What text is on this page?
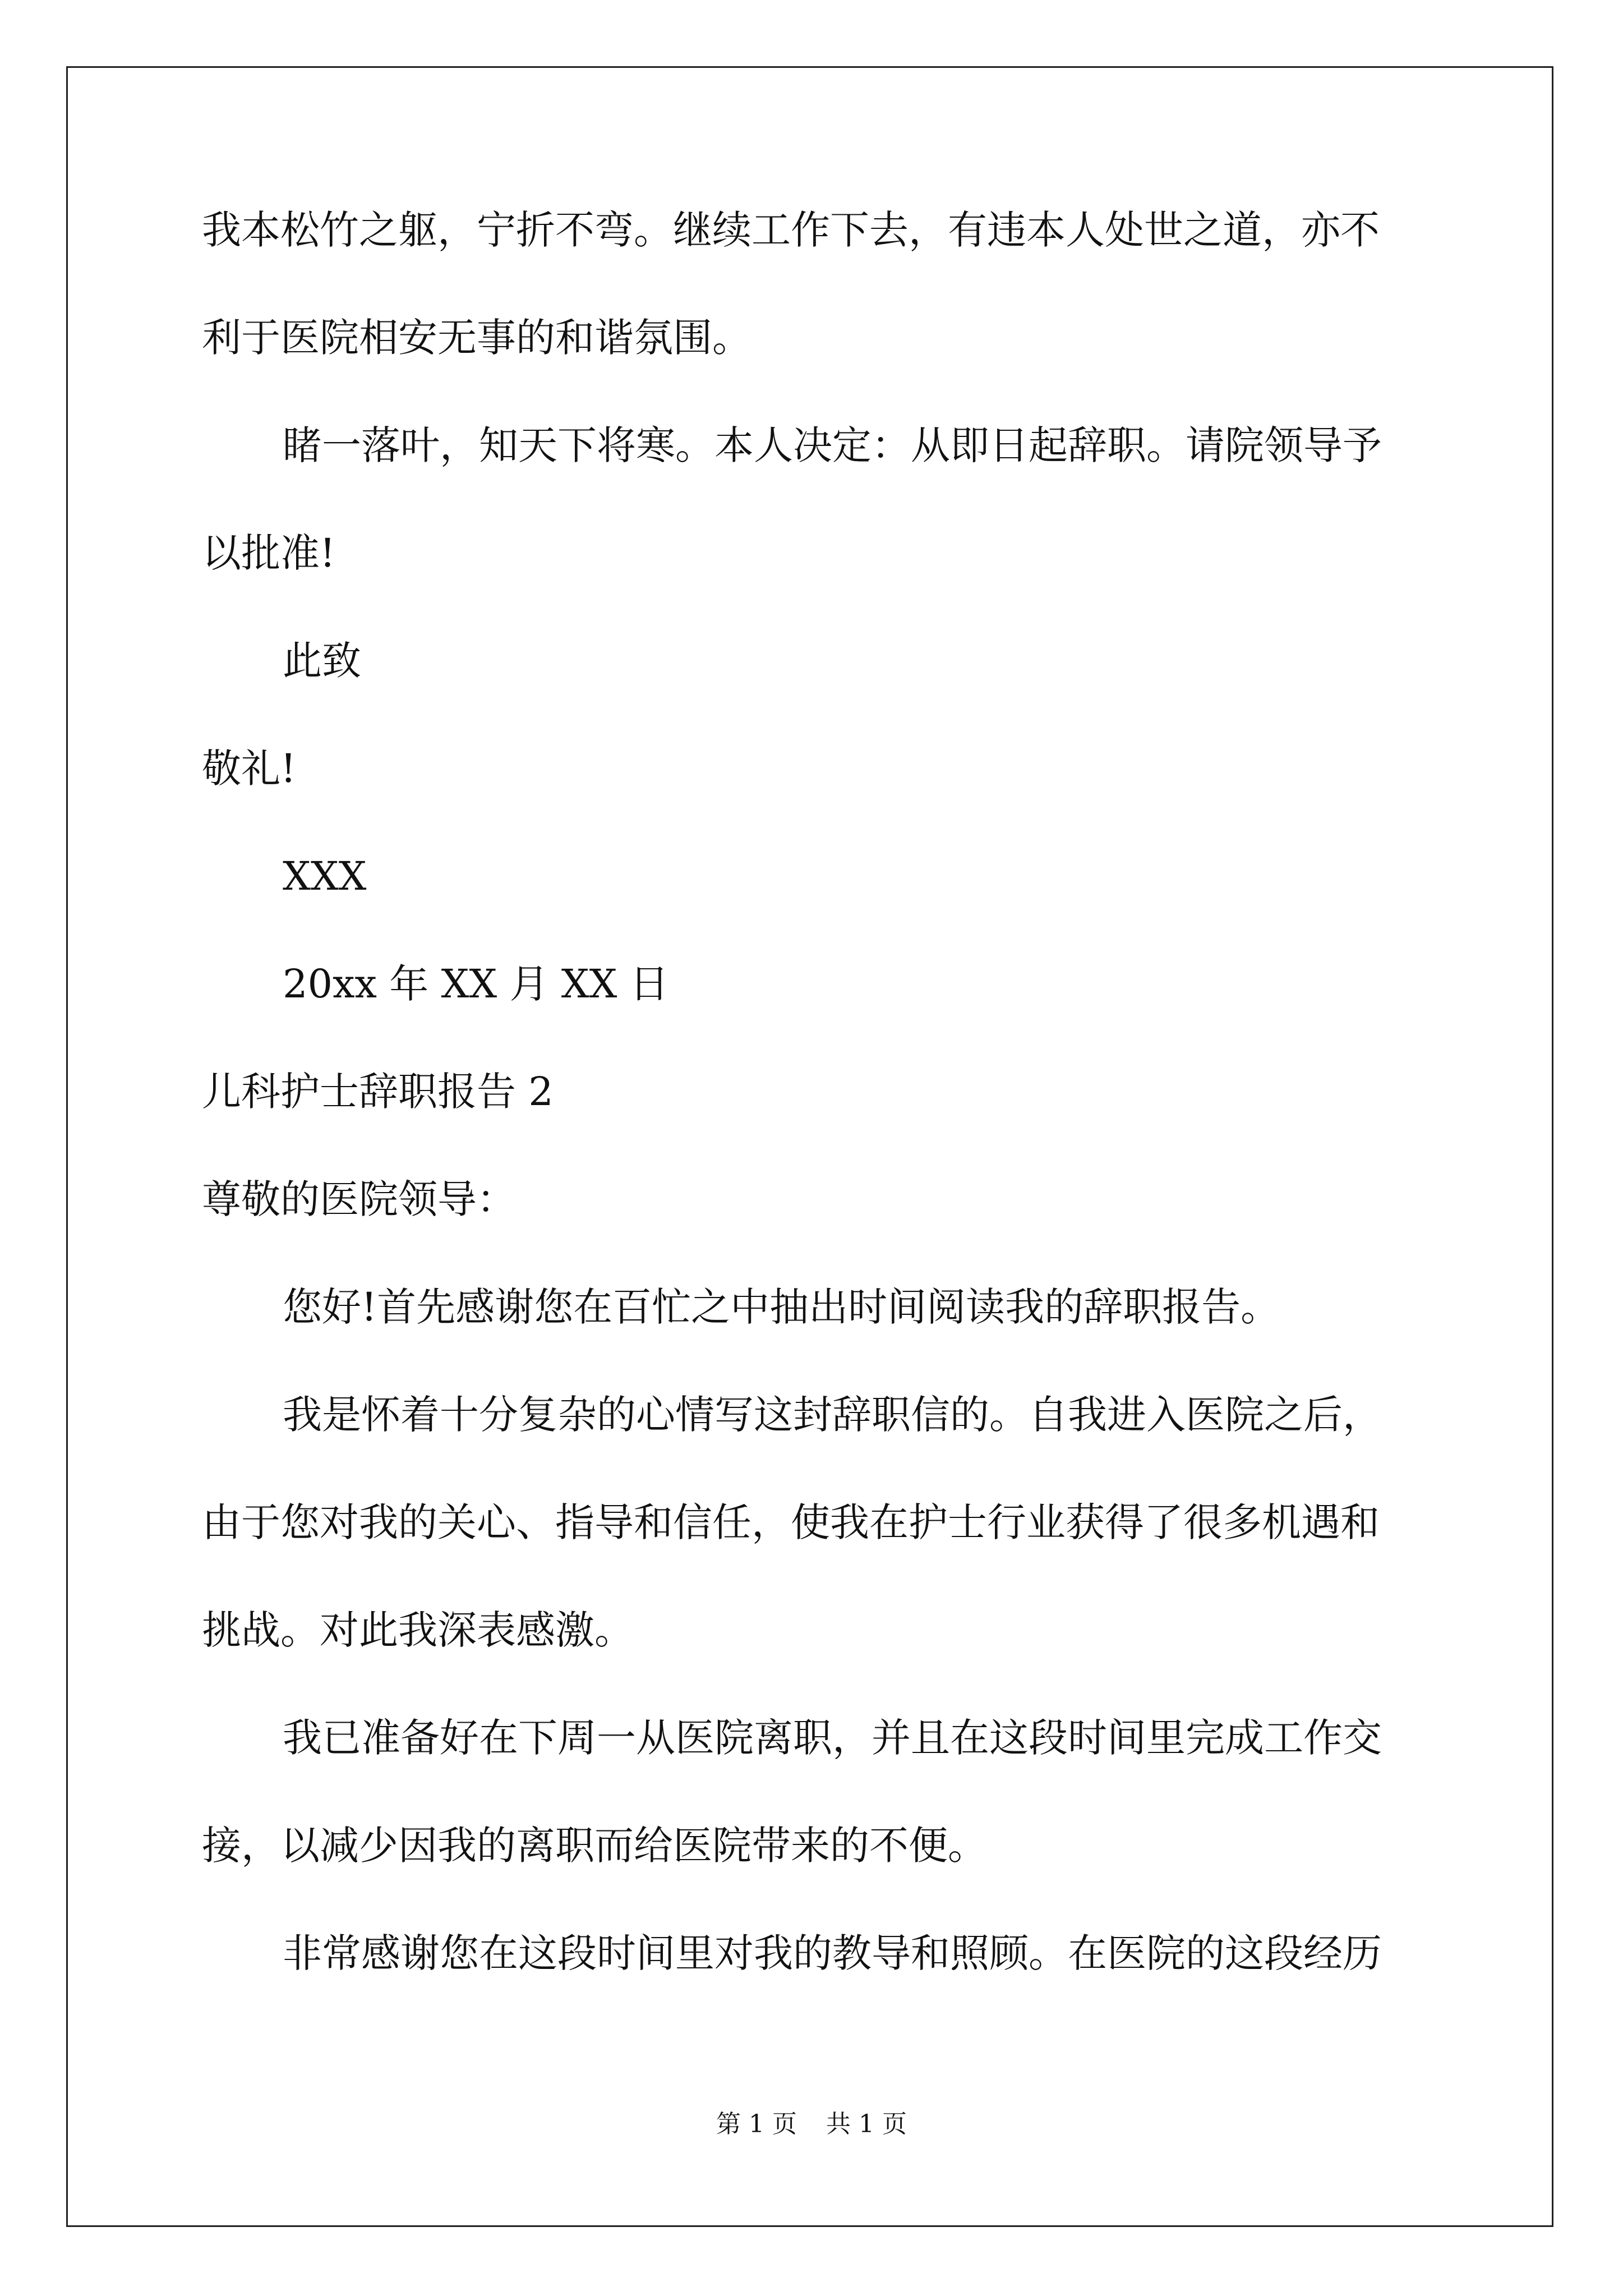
我本松竹之躯，宁折不弯。继续工作下去，有违本人处世之道，亦不
利于医院相安无事的和谐氛围。
睹一落叶，知天下将寒。本人决定：从即日起辞职。请院领导予
以批准!
此致
敬礼!
XXX
20xx 年 XX 月 XX 日
儿科护士辞职报告 2
尊敬的医院领导：
您好!首先感谢您在百忙之中抽出时间阅读我的辞职报告。
我是怀着十分复杂的心情写这封辞职信的。自我进入医院之后，
由于您对我的关心、指导和信任，使我在护士行业获得了很多机遇和
挑战。对此我深表感激。
我已准备好在下周一从医院离职，并且在这段时间里完成工作交
接，以减少因我的离职而给医院带来的不便。
非常感谢您在这段时间里对我的教导和照顾。在医院的这段经历
第 1 页 共 1 页
